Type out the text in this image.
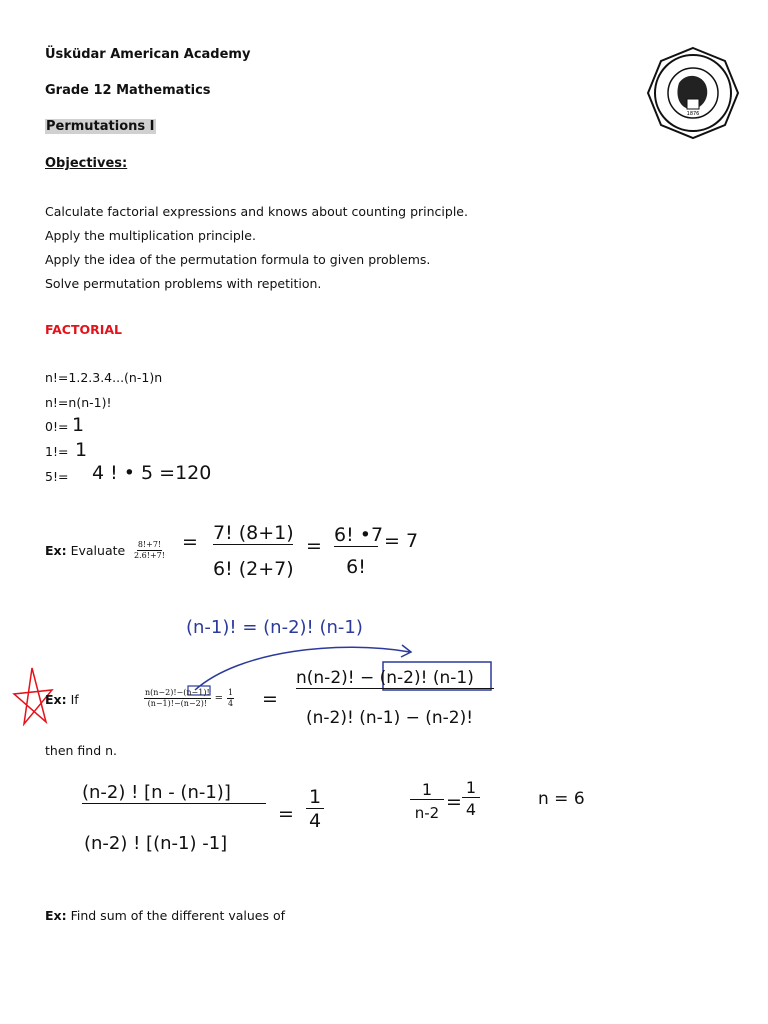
Üsküdar American Academy
Grade 12 Mathematics
Permutations I
Objectives:
1876
Calculate factorial expressions and knows about counting principle.
Apply the multiplication principle.
Apply the idea of the permutation formula to given problems.
Solve permutation problems with repetition.
FACTORIAL
n!=1.2.3.4...(n-1)n
n!=n(n-1)!
0!=
1!=
5!=
1
1
4 ! • 5 =120
Ex: Evaluate $\frac{8!+7!}{2.6!+7!} = 7$! (8+1)
6! (2+7)
= 6! •7
6!
= 7
(n-1)! = (n-2)! (n-1)
Ex: If	$\frac{n(n-2)!-(n-1)!}{(n-1)!-(n-2)!} = \frac{1}{4}$ =
n(n-2)! − (n-2)! (n-1)
(n-2)! (n-1) − (n-2)!
then find n.
(n-2) ! [n - (n-1)]
(n-2) ! [(n-1) -1]
=
1
4
1
n-2 =
1
4
n = 6
Ex: Find sum of the different values of
